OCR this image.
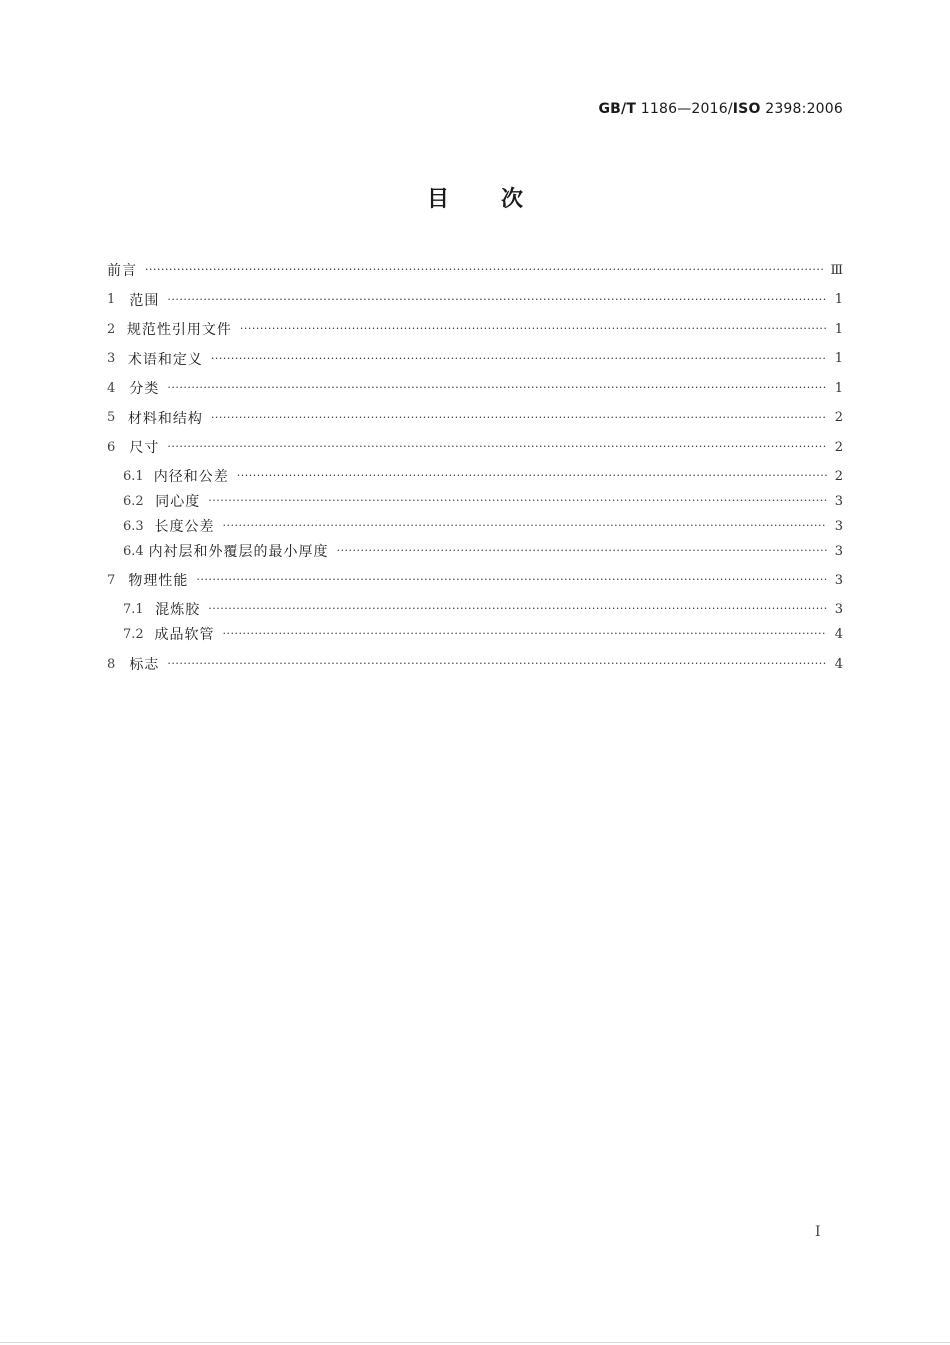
GB/T 1186—2016/ISO 2398:2006
目次
前言 ·····	Ⅲ
1	范围 ·····	1
2 规范性引用文件 ·····	1
3 术语和定义 ·····	1
4	分类 ·····	1
5 材料和结构 ·····	2
6	尺寸 ·····	2
6.1 内径和公差 ·····	2
6.2 同心度 ·····	3
6.3 长度公差 ·····	3
6.4 内衬层和外覆层的最小厚度 ·····	3
7 物理性能 ·····	3
7.1 混炼胶 ·····	3
7.2 成品软管 ·····	4
8	标志 ·····	4
I
